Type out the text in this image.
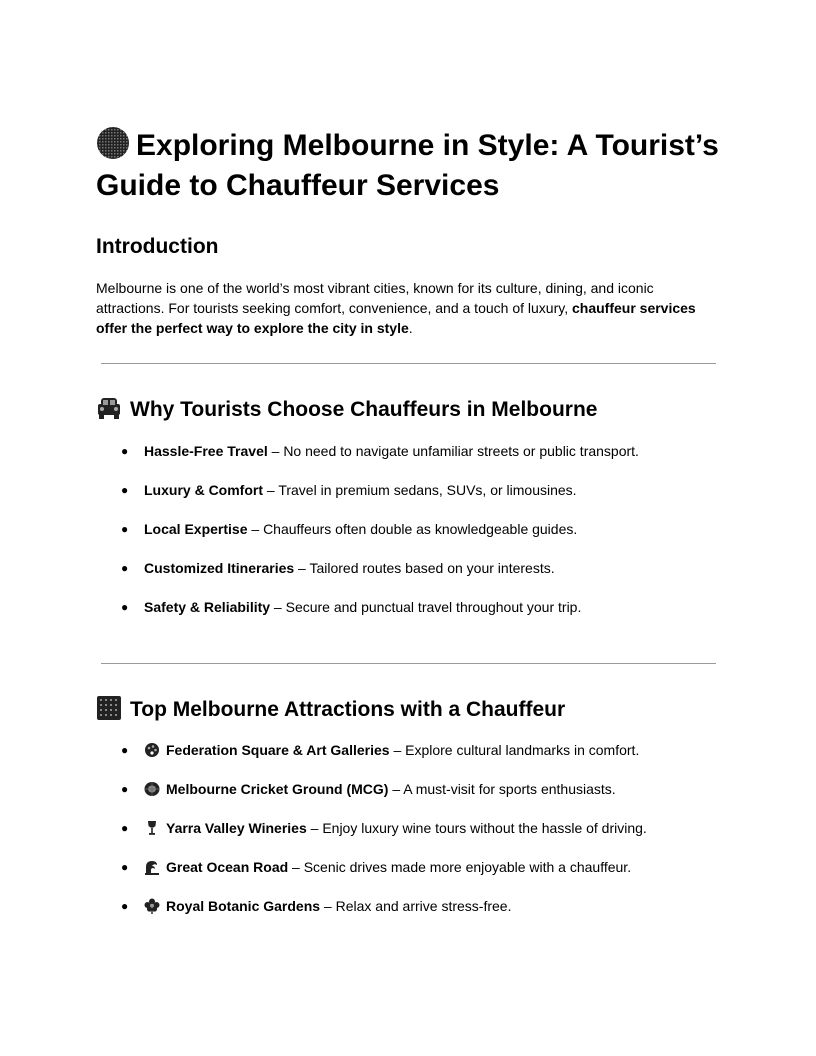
Exploring Melbourne in Style: A Tourist’s Guide to Chauffeur Services
Introduction

Melbourne is one of the world’s most vibrant cities, known for its culture, dining, and iconic attractions. For tourists seeking comfort, convenience, and a touch of luxury, chauffeur services offer the perfect way to explore the city in style.

Why Tourists Choose Chauffeurs in Melbourne
● Hassle-Free Travel – No need to navigate unfamiliar streets or public transport.
● Luxury & Comfort – Travel in premium sedans, SUVs, or limousines.
● Local Expertise – Chauffeurs often double as knowledgeable guides.
● Customized Itineraries – Tailored routes based on your interests.
● Safety & Reliability – Secure and punctual travel throughout your trip.
Top Melbourne Attractions with a Chauffeur
●	Federation Square & Art Galleries – Explore cultural landmarks in comfort.
●	Melbourne Cricket Ground (MCG) – A must-visit for sports enthusiasts.
●	Yarra Valley Wineries – Enjoy luxury wine tours without the hassle of driving.
●	Great Ocean Road – Scenic drives made more enjoyable with a chauffeur.
●	Royal Botanic Gardens – Relax and arrive stress-free.
